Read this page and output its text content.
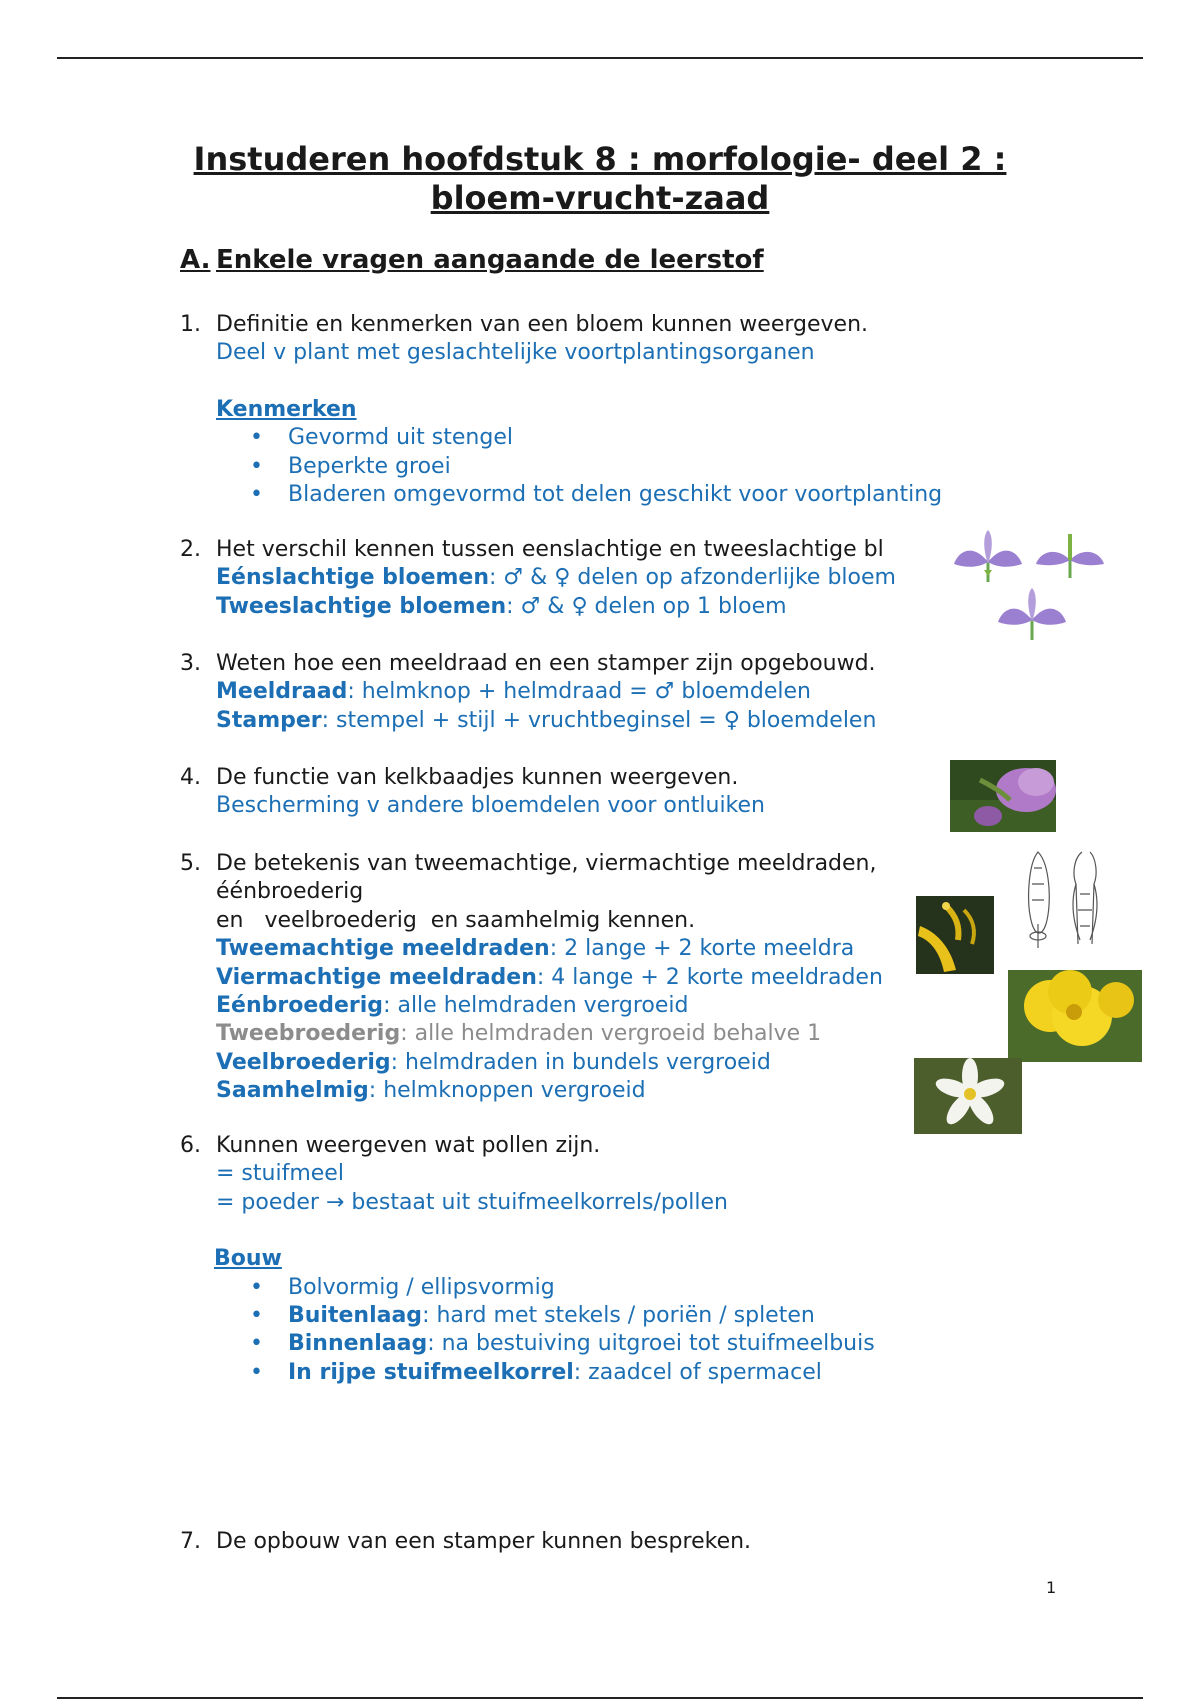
Instuderen hoofdstuk 8 : morfologie- deel 2 :
bloem-vrucht-zaad
A. Enkele vragen aangaande de leerstof
1. Definitie en kenmerken van een bloem kunnen weergeven.
Deel v plant met geslachtelijke voortplantingsorganen
Kenmerken
• Gevormd uit stengel
• Beperkte groei
• Bladeren omgevormd tot delen geschikt voor voortplanting
2. Het verschil kennen tussen eenslachtige en tweeslachtige bl
Eénslachtige bloemen: ♂ & ♀ delen op afzonderlijke bloem
Tweeslachtige bloemen: ♂ & ♀ delen op 1 bloem
3. Weten hoe een meeldraad en een stamper zijn opgebouwd.
Meeldraad: helmknop + helmdraad = ♂ bloemdelen
Stamper: stempel + stijl + vruchtbeginsel = ♀ bloemdelen
4. De functie van kelkbaadjes kunnen weergeven.
Bescherming v andere bloemdelen voor ontluiken
5. De betekenis van tweemachtige, viermachtige meeldraden,
éénbroederig
en   veelbroederig  en saamhelmig kennen.
Tweemachtige meeldraden: 2 lange + 2 korte meeldra
Viermachtige meeldraden: 4 lange + 2 korte meeldraden
Eénbroederig: alle helmdraden vergroeid
Tweebroederig: alle helmdraden vergroeid behalve 1
Veelbroederig: helmdraden in bundels vergroeid
Saamhelmig: helmknoppen vergroeid
6. Kunnen weergeven wat pollen zijn.
= stuifmeel
= poeder → bestaat uit stuifmeelkorrels/pollen
Bouw
• Bolvormig / ellipsvormig
• Buitenlaag: hard met stekels / poriën / spleten
• Binnenlaag: na bestuiving uitgroei tot stuifmeelbuis
• In rijpe stuifmeelkorrel: zaadcel of spermacel
7. De opbouw van een stamper kunnen bespreken.
1
